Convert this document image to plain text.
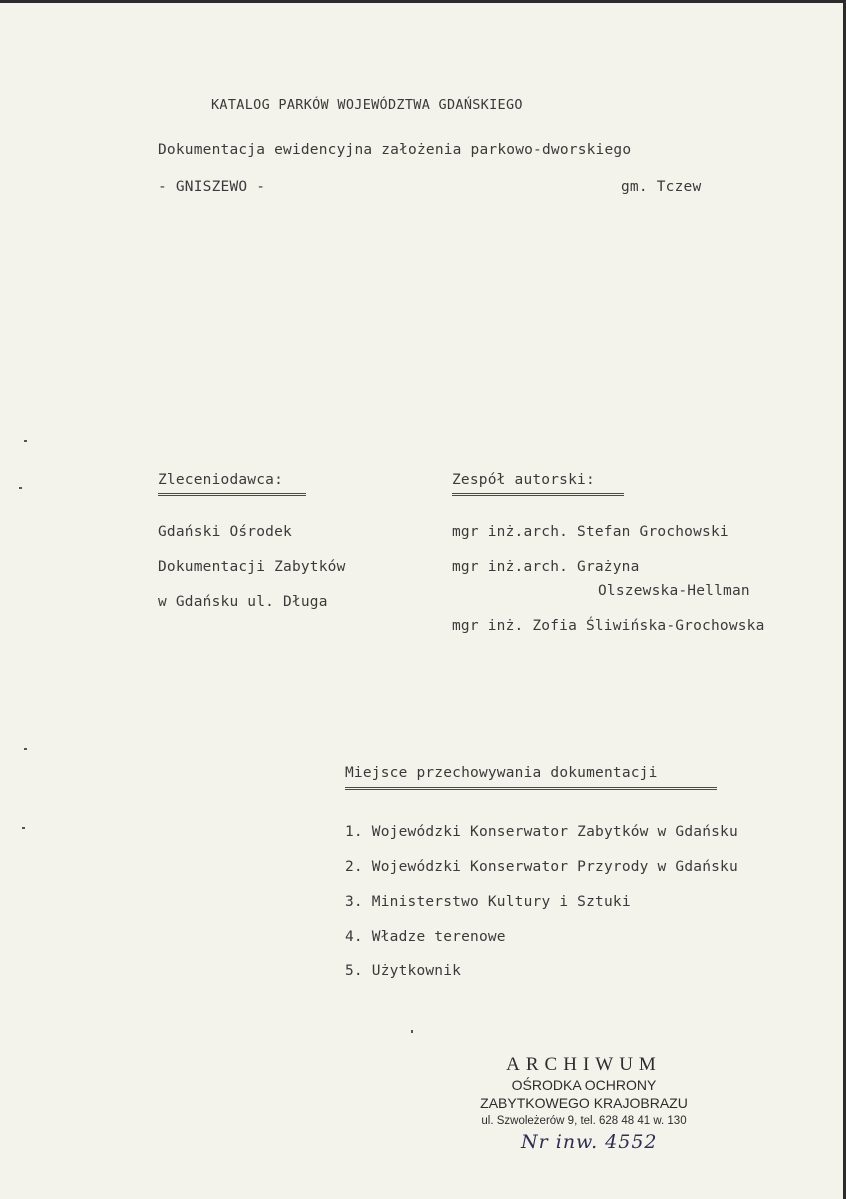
KATALOG PARKÓW WOJEWÓDZTWA GDAŃSKIEGO
Dokumentacja ewidencyjna założenia parkowo-dworskiego
- GNISZEWO -	gm. Tczew
Zleceniodawca:
Gdański Ośrodek
Dokumentacji Zabytków
w Gdańsku ul. Długa
Zespół autorski:
mgr inż.arch. Stefan Grochowski
mgr inż.arch. Grażyna
Olszewska-Hellman
mgr inż. Zofia Śliwińska-Grochowska
Miejsce przechowywania dokumentacji
1. Wojewódzki Konserwator Zabytków w Gdańsku
2. Wojewódzki Konserwator Przyrody w Gdańsku
3. Ministerstwo Kultury i Sztuki
4. Władze terenowe
5. Użytkownik
ARCHIWUM
OŚRODKA OCHRONY
ZABYTKOWEGO KRAJOBRAZU
ul. Szwoleżerów 9, tel. 628 48 41 w. 130
Nr inw. 4552
